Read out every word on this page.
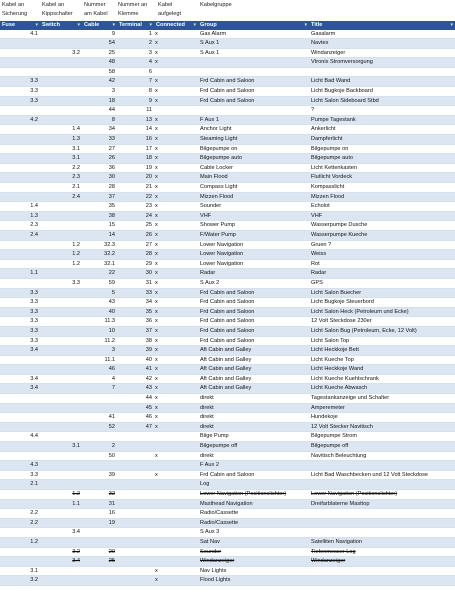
Kabel an
Sicherung
Kabel an
Kippschalter
Nummer
am Kabel
Nummer an
Klemme
Kabel
aufgelegt
Kabelgruppe
Fuse ▾	Switch ▾	Cable ▾	Terminal ▾	Connected ▾	Group ▾	Title ▾

4.1		9	1	x	Gas Alarm	Gasalarm
		54	2	x	S Aux 1	Navtex
	3.2	25	3	x	S Aux 1	Windanzeiger
		48	4	x		Vtronix Stromversorgung
		58	6			
3.3		42	7	x	Frd Cabin and Saloon	Licht Bad Wand
3.3		3	8	x	Frd Cabin and Saloon	Licht Bugkoje Backboard
3.3		18	9	x	Frd Cabin and Saloon	Licht Salon Sideboard Stbd
		44	11			?
4.2		8	13	x	F Aux 1	Pumpe Tagestank
	1.4	34	14	x	Anchor Light	Ankerlicht
	1.3	33	16	x	Steaming Light	Dampferlicht
	3.1	27	17	x	Bilgepumpe on	Bilgepumpe on
	3.1	26	18	x	Bilgepumpe auto	Bilgepumpe auto
	2.2	36	19	x	Cable Locker	Licht Kettenkasten
	2.3	30	20	x	Main Flood	Flutlicht Vordeck
	2.1	28	21	x	Compass Light	Kompasslicht
	2.4	37	22	x	Mizzen Flood	Mizzen Flood
1.4		35	23	x	Sounder	Echolot
1.3		38	24	x	VHF	VHF
2.3		15	25	x	Shower Pump	Wasserpumpe Dusche
2.4		14	26	x	F/Water Pump	Wasserpumpe Kueche
	1.2	32.3	27	x	Lower Navigation	Gruen ?
	1.2	32.2	28	x	Lower Navigation	Weiss
	1.2	32.1	29	x	Lower Navigation	Rot
1.1		22	30	x	Radar	Radar
	3.3	59	31	x	S Aux 2	GPS
3.3		5	33	x	Frd Cabin and Saloon	Licht Salon Buecher
3.3		43	34	x	Frd Cabin and Saloon	Licht Bugkoje Steuerbord
3.3		40	35	x	Frd Cabin and Saloon	Licht Salon Heck (Petroleum und Ecke)
3.3		11.3	36	x	Frd Cabin and Saloon	12 Volt Steckdose 230er
3.3		10	37	x	Frd Cabin and Saloon	Licht Salon Bug (Petroleum, Ecke, 12 Volt)
3.3		11.2	38	x	Frd Cabin and Saloon	Licht Salon Top
3.4		3	39	x	Aft Cabin and Galley	Licht Heckkoje Bett
		11.1	40	x	Aft Cabin and Galley	Licht Kueche Top
		46	41	x	Aft Cabin and Galley	Licht Heckkoje Wand
3.4		4	42	x	Aft Cabin and Galley	Licht Kueche Kuehlschrank
3.4		7	43	x	Aft Cabin and Galley	Licht Kueche Abwasch
			44	x	direkt	Tagestankanzeige und Schalter
			45	x	direkt	Amperemeter
		41	46	x	direkt	Hundekoje
		52	47	x	direkt	12 Volt Stecker Navitisch
4.4					Bilge Pump	Bilgepumpe Strom
	3.1	2			Bilgepumpe off	Bilgepumpe off
		50		x	direkt	Navitisch Beleuchtung
4.3					F Aux 2	
3.3		39		x	Frd Cabin and Saloon	Licht Bad Waschbecken und 12 Volt Steckdose
2.1					Log	
	1.2	32			Lower Navigation (Positionslichter)	Lower Navigation (Positionslichter)
	1.1	31			Masthead Navigation	Dreifarblaterne Masttop
2.2		16			Radio/Cassette	
2.2		19			Radio/Cassette	
	3.4				S Aux 3	
1.2					Sat Nav	Satelliten Navigation
	3.2	20			Sounder	Tiefenmesser Log
	3.4	25			Windanzeiger	Windanzeiger
3.1				x	Nav Lights	
3.2				x	Flood Lights	
